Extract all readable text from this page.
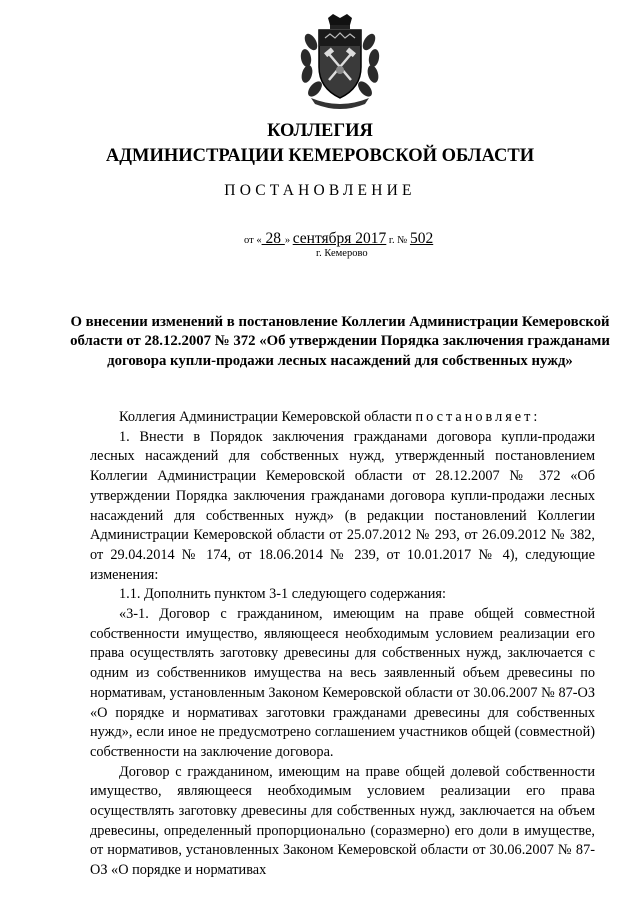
КОЛЛЕГИЯ
АДМИНИСТРАЦИИ КЕМЕРОВСКОЙ ОБЛАСТИ
ПОСТАНОВЛЕНИЕ
от « 28 » сентября 2017 г. № 502
г. Кемерово
О внесении изменений в постановление Коллегии Администрации Кемеровской области от 28.12.2007 № 372 «Об утверждении Порядка заключения гражданами договора купли-продажи лесных насаждений для собственных нужд»

Коллегия Администрации Кемеровской области постановляет:

1. Внести в Порядок заключения гражданами договора купли-продажи лесных насаждений для собственных нужд, утвержденный постановлением Коллегии Администрации Кемеровской области от 28.12.2007 № 372 «Об утверждении Порядка заключения гражданами договора купли-продажи лесных насаждений для собственных нужд» (в редакции постановлений Коллегии Администрации Кемеровской области от 25.07.2012 № 293, от 26.09.2012 № 382, от 29.04.2014 № 174, от 18.06.2014 № 239, от 10.01.2017 № 4), следующие изменения:

1.1. Дополнить пунктом 3-1 следующего содержания:

«3-1. Договор с гражданином, имеющим на праве общей совместной собственности имущество, являющееся необходимым условием реализации его права осуществлять заготовку древесины для собственных нужд, заключается с одним из собственников имущества на весь заявленный объем древесины по нормативам, установленным Законом Кемеровской области от 30.06.2007 № 87-ОЗ «О порядке и нормативах заготовки гражданами древесины для собственных нужд», если иное не предусмотрено соглашением участников общей (совместной) собственности на заключение договора.

Договор с гражданином, имеющим на праве общей долевой собственности имущество, являющееся необходимым условием реализации его права осуществлять заготовку древесины для собственных нужд, заключается на объем древесины, определенный пропорционально (соразмерно) его доли в имуществе, от нормативов, установленных Законом Кемеровской области от 30.06.2007 № 87-ОЗ «О порядке и нормативах
